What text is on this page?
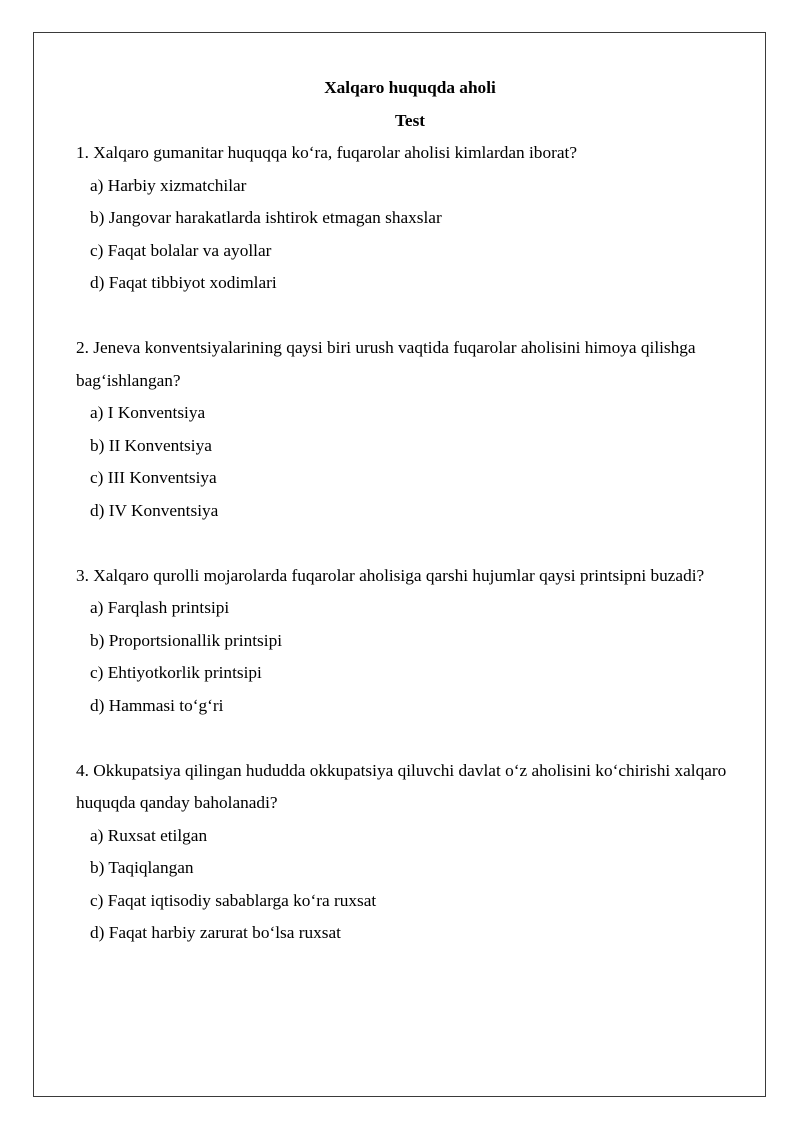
Xalqaro huquqda aholi

Test

1. Xalqaro gumanitar huquqqa ko‘ra, fuqarolar aholisi kimlardan iborat?

a) Harbiy xizmatchilar

b) Jangovar harakatlarda ishtirok etmagan shaxslar

c) Faqat bolalar va ayollar

d) Faqat tibbiyot xodimlari

2. Jeneva konventsiyalarining qaysi biri urush vaqtida fuqarolar aholisini himoya qilishga bag‘ishlangan?

a) I Konventsiya

b) II Konventsiya

c) III Konventsiya

d) IV Konventsiya

3. Xalqaro qurolli mojarolarda fuqarolar aholisiga qarshi hujumlar qaysi printsipni buzadi?

a) Farqlash printsipi

b) Proportsionallik printsipi

c) Ehtiyotkorlik printsipi

d) Hammasi to‘g‘ri

4. Okkupatsiya qilingan hududda okkupatsiya qiluvchi davlat o‘z aholisini ko‘chirishi xalqaro huquqda qanday baholanadi?

a) Ruxsat etilgan

b) Taqiqlangan

c) Faqat iqtisodiy sabablarga ko‘ra ruxsat

d) Faqat harbiy zarurat bo‘lsa ruxsat
